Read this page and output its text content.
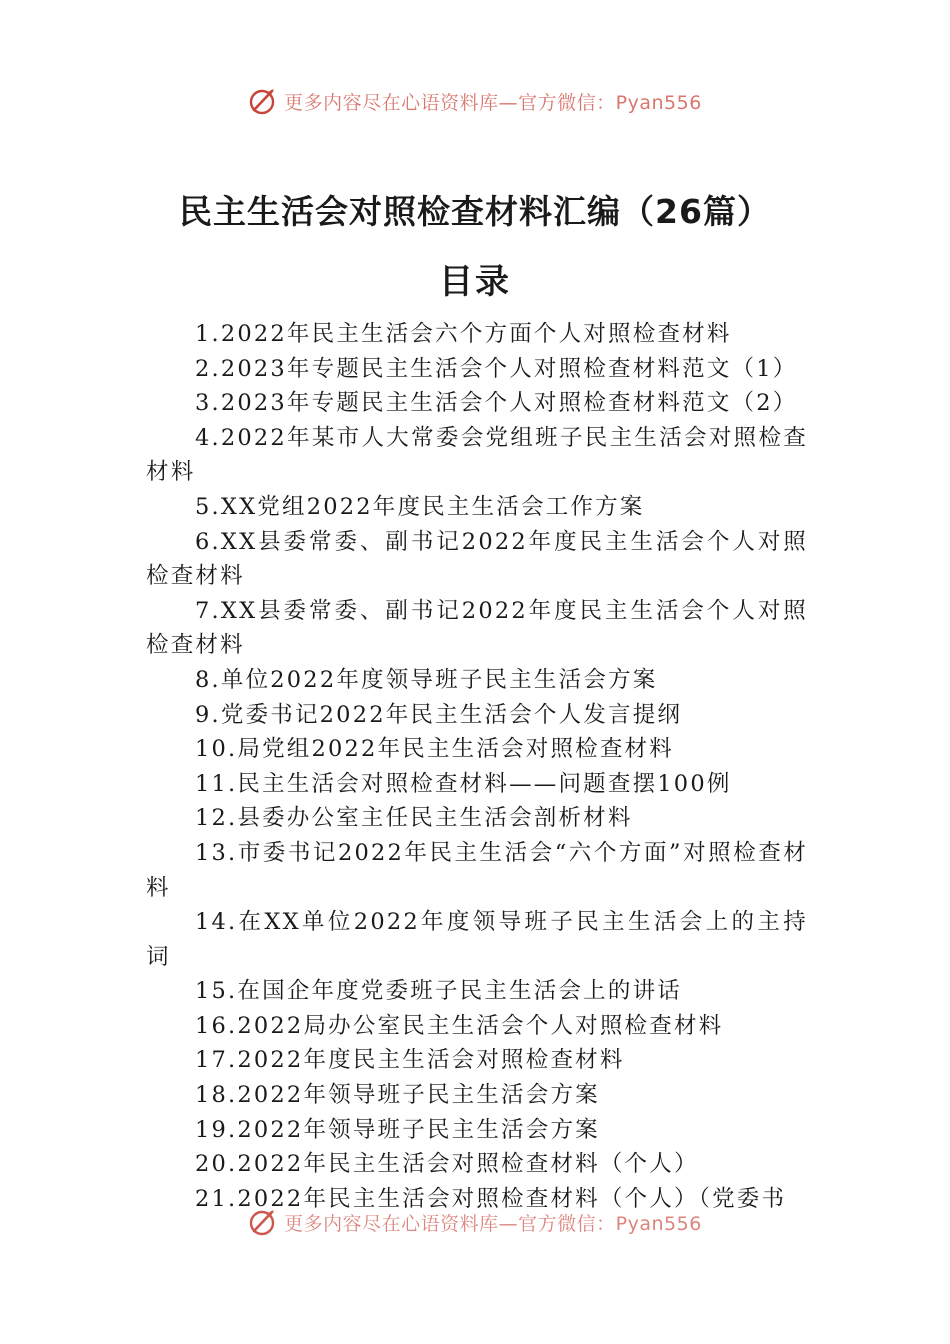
更多内容尽在心语资料库—官方微信：Pyan556
民主生活会对照检查材料汇编（26篇）
目录
1.2022年民主生活会六个方面个人对照检查材料
2.2023年专题民主生活会个人对照检查材料范文（1）
3.2023年专题民主生活会个人对照检查材料范文（2）
4.2022年某市人大常委会党组班子民主生活会对照检查材料
5.XX党组2022年度民主生活会工作方案
6.XX县委常委、副书记2022年度民主生活会个人对照检查材料
7.XX县委常委、副书记2022年度民主生活会个人对照检查材料
8.单位2022年度领导班子民主生活会方案
9.党委书记2022年民主生活会个人发言提纲
10.局党组2022年民主生活会对照检查材料
11.民主生活会对照检查材料——问题查摆100例
12.县委办公室主任民主生活会剖析材料
13.市委书记2022年民主生活会“六个方面”对照检查材料
14.在XX单位2022年度领导班子民主生活会上的主持词
15.在国企年度党委班子民主生活会上的讲话
16.2022局办公室民主生活会个人对照检查材料
17.2022年度民主生活会对照检查材料
18.2022年领导班子民主生活会方案
19.2022年领导班子民主生活会方案
20.2022年民主生活会对照检查材料（个人）
21.2022年民主生活会对照检查材料（个人）（党委书
更多内容尽在心语资料库—官方微信：Pyan556
